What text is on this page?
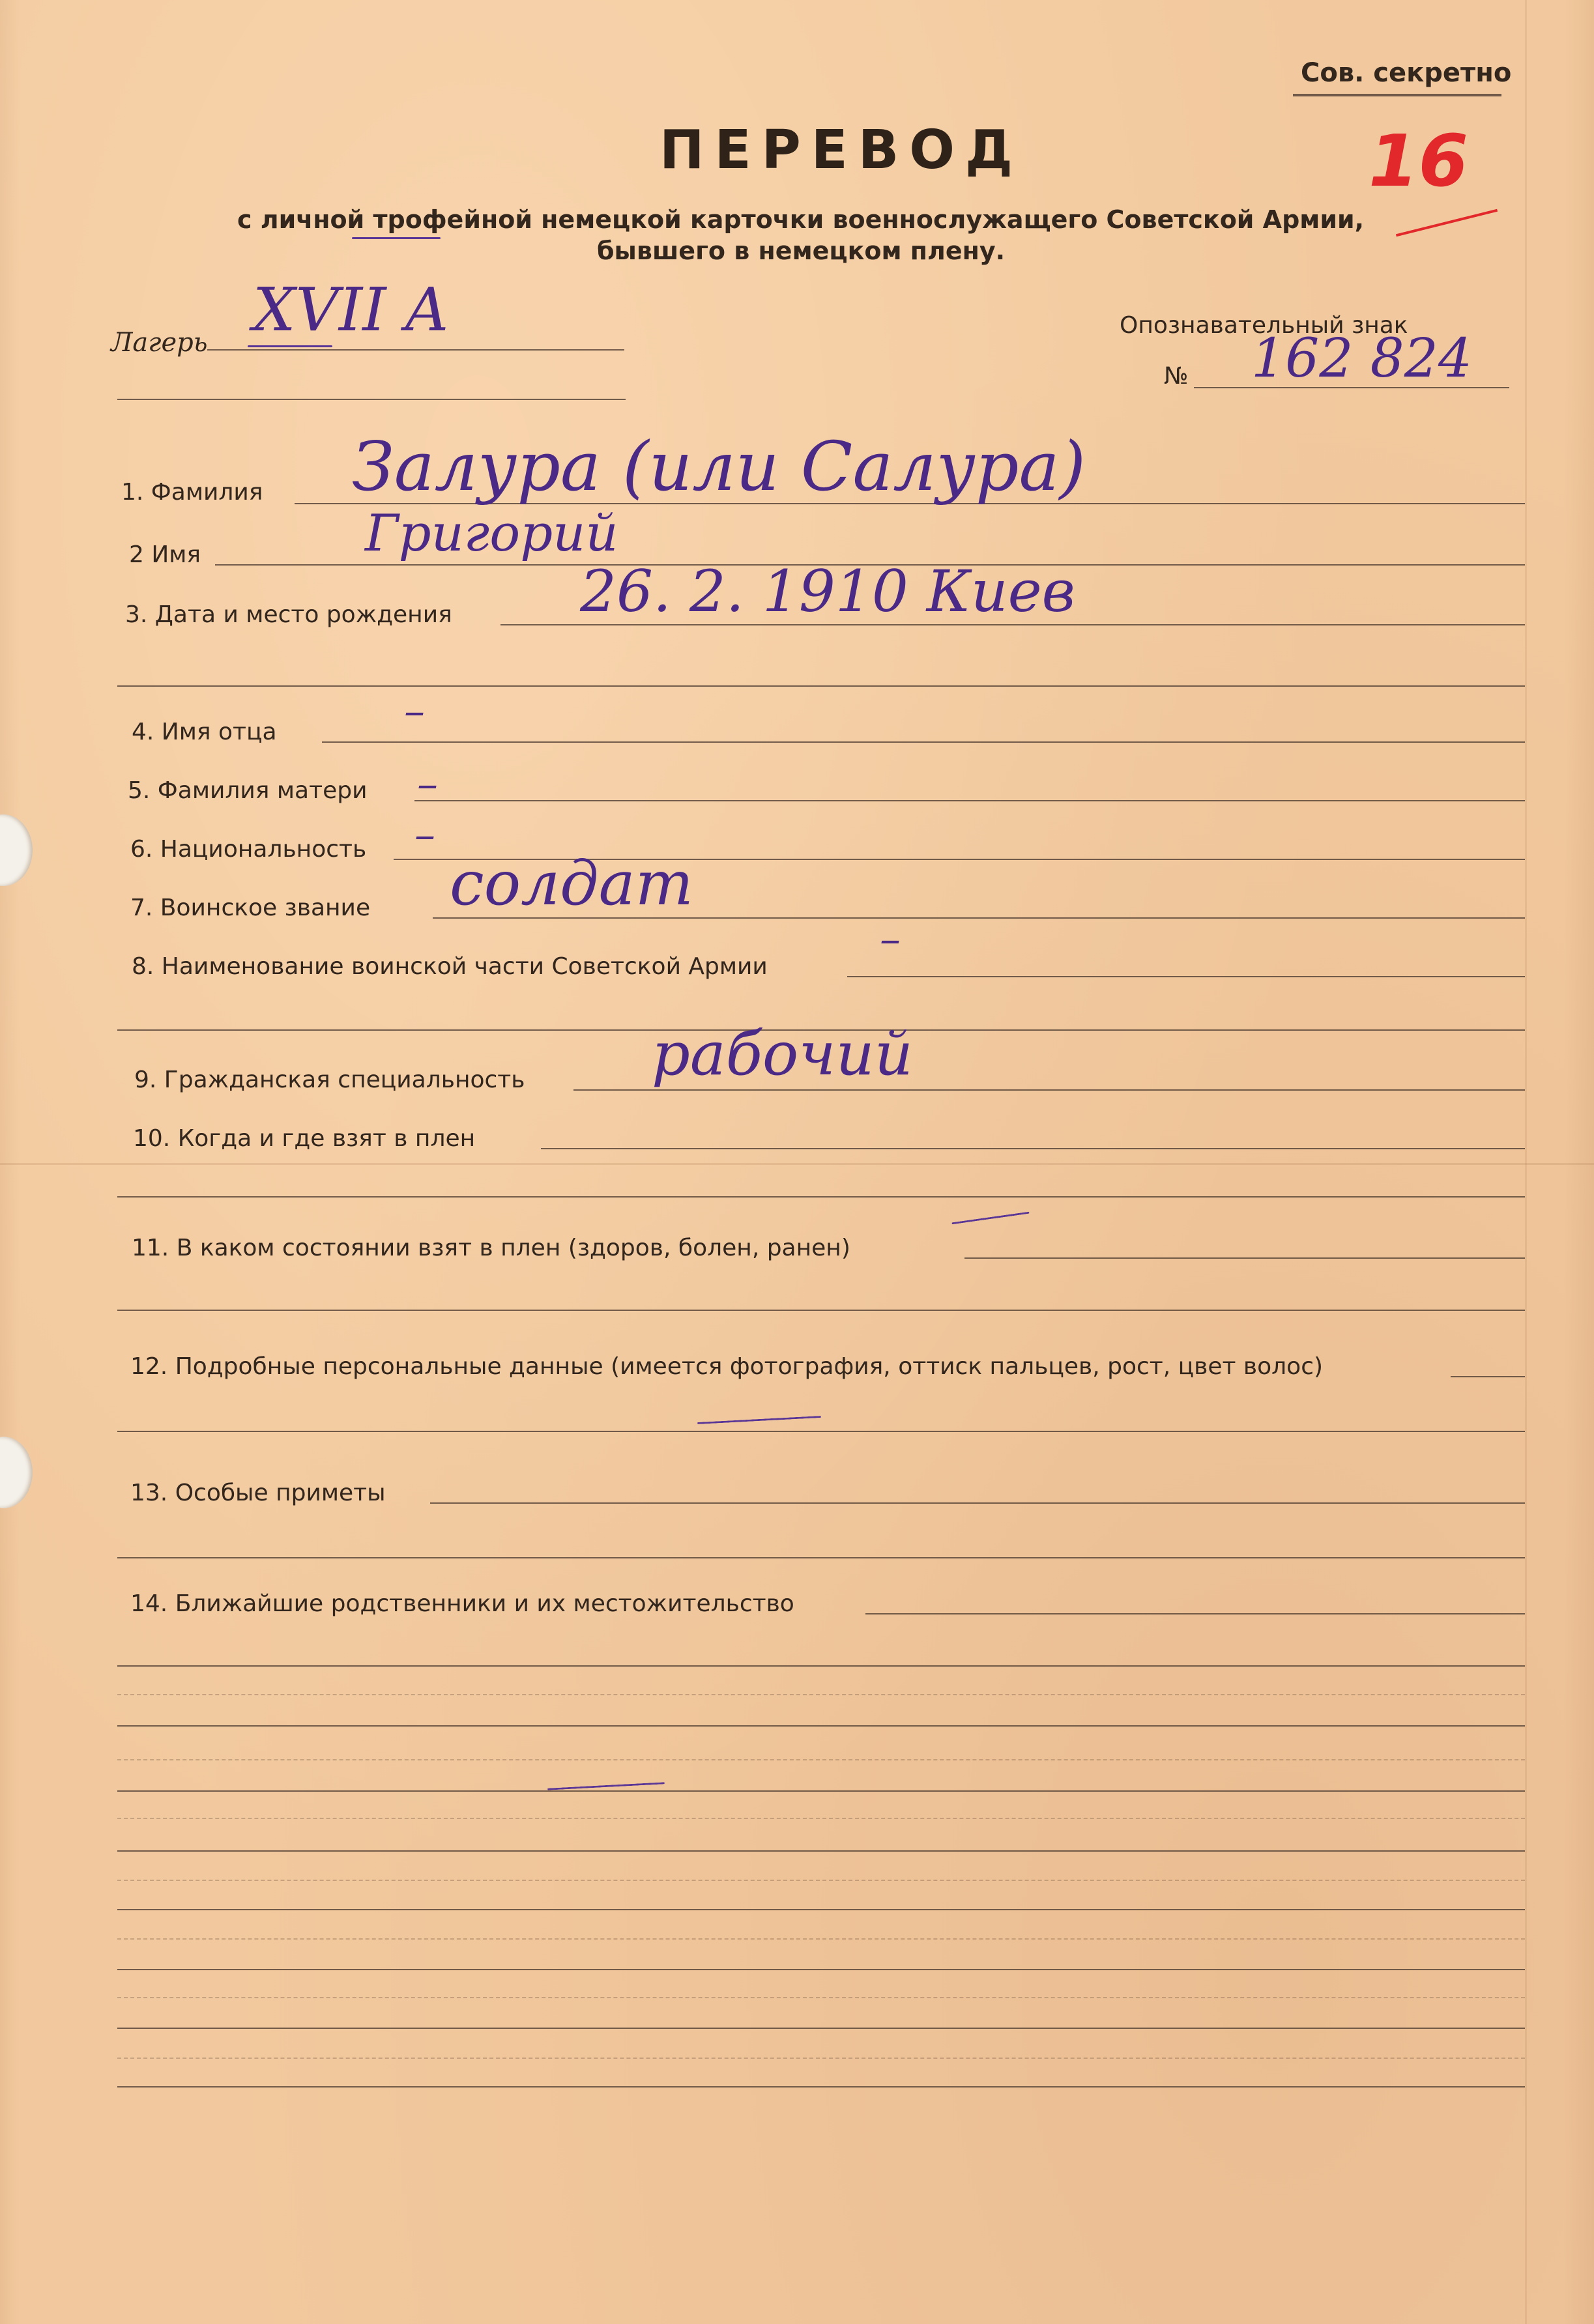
Сов. секретно
16
ПЕРЕВОД
с личной трофейной немецкой карточки военнослужащего Советской Армии,
бывшего в немецком плену.
Лагерь XVII A	Опознавательный знак
№ 162 824
1. Фамилия Залура (или Салура)
2 Имя	Григорий
3. Дата и место рождения 26. 2. 1910 Киев
4. Имя отца	–
5. Фамилия матери –
6. Национальность –
7. Воинское звание солдат
8. Наименование воинской части Советской Армии
–
9. Гражданская специальность рабочий
10. Когда и где взят в плен
11. В каком состоянии взят в плен (здоров, болен, ранен)
12. Подробные персональные данные (имеется фотография, оттиск пальцев, рост, цвет волос)
13. Особые приметы
14. Ближайшие родственники и их местожительство
